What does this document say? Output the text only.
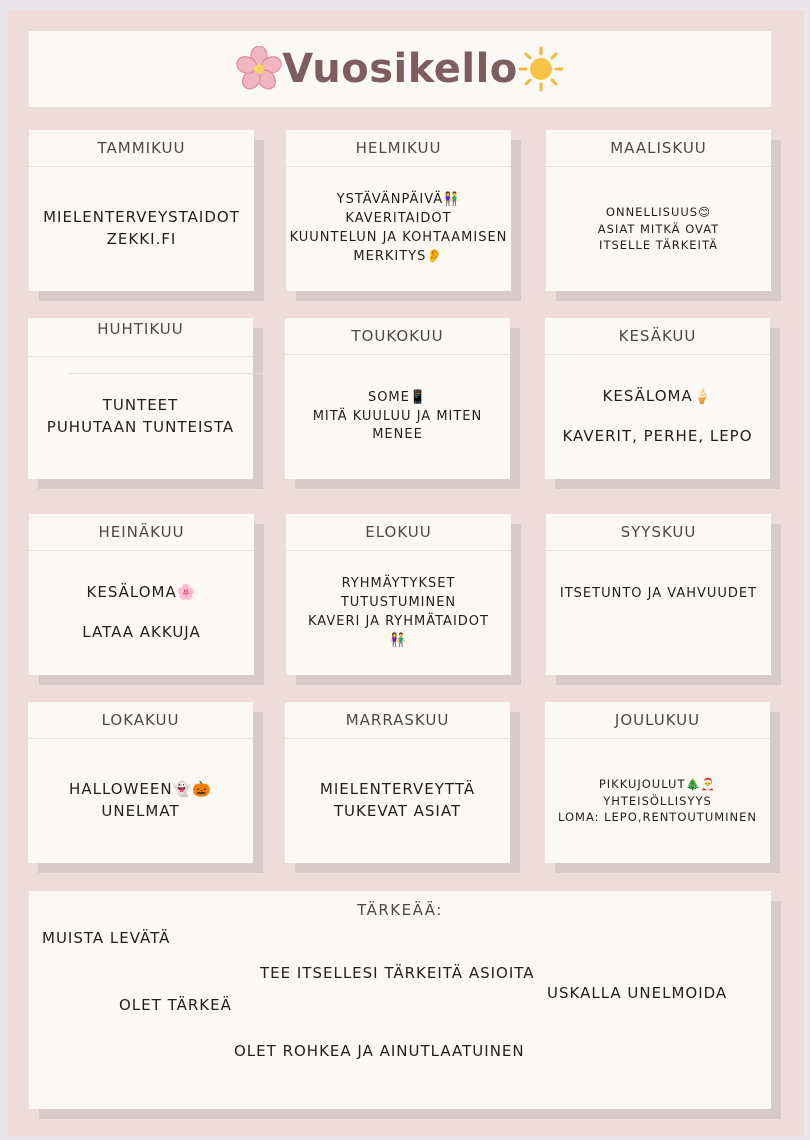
Vuosikello
TAMMIKUU
MIELENTERVEYSTAIDOT
ZEKKI.FI
HELMIKUU
YSTÄVÄNPÄIVÄ👫
KAVERITAIDOT
KUUNTELUN JA KOHTAAMISEN
MERKITYS👂
MAALISKUU
ONNELLISUUS😊
ASIAT MITKÄ OVAT
ITSELLE TÄRKEITÄ
HUHTIKUU
TUNTEET
PUHUTAAN TUNTEISTA
TOUKOKUU
SOME📱
MITÄ KUULUU JA MITEN MENEE
KESÄKUU
KESÄLOMA🍦
KAVERIT, PERHE, LEPO
HEINÄKUU
KESÄLOMA🌸
LATAA AKKUJA
ELOKUU
RYHMÄYTYKSET
TUTUSTUMINEN
KAVERI JA RYHMÄTAIDOT
👫
SYYSKUU
ITSETUNTO JA VAHVUUDET
LOKAKUU
HALLOWEEN👻🎃
UNELMAT
MARRASKUU
MIELENTERVEYTTÄ
TUKEVAT ASIAT
JOULUKUU
PIKKUJOULUT🎄🎅
YHTEISÖLLISYYS
LOMA: LEPO,RENTOUTUMINEN
TÄRKEÄÄ:
MUISTA LEVÄTÄ
TEE ITSELLESI TÄRKEITÄ ASIOITA
USKALLA UNELMOIDA
OLET TÄRKEÄ
OLET ROHKEA JA AINUTLAATUINEN
